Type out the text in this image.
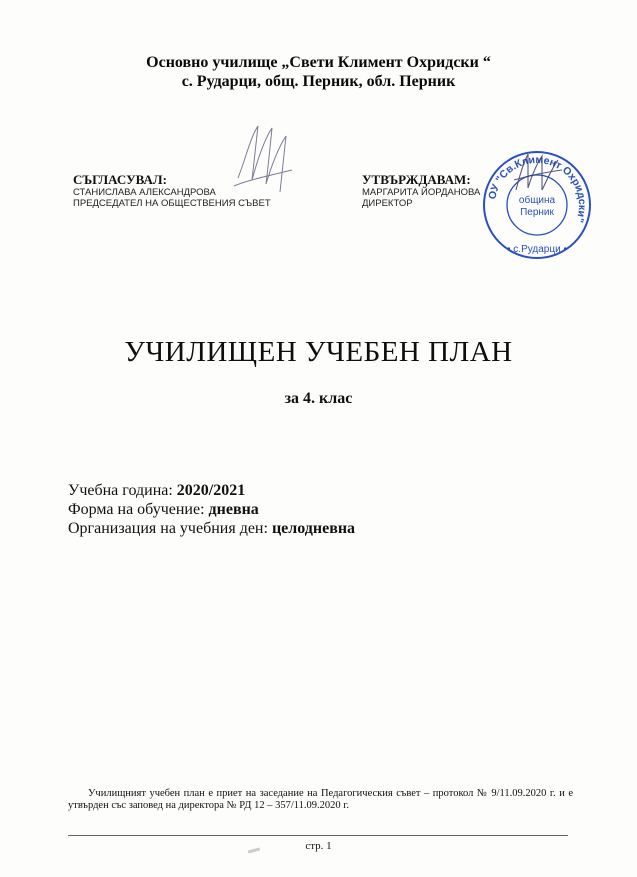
Основно училище „Свети Климент Охридски “
с. Рударци, общ. Перник, обл. Перник
СЪГЛАСУВАЛ:
СТАНИСЛАВА АЛЕКСАНДРОВА
ПРЕДСЕДАТЕЛ НА ОБЩЕСТВЕНИЯ СЪВЕТ
УТВЪРЖДАВАМ:
МАРГАРИТА ЙОРДАНОВА
ДИРЕКТОР
ОУ "Св.Климент Охридски"
община
Перник
• с.Рударци •
УЧИЛИЩЕН УЧЕБЕН ПЛАН
за 4. клас
Учебна година: 2020/2021
Форма на обучение: дневна
Организация на учебния ден: целодневна
Училищният учебен план е приет на заседание на Педагогическия съвет – протокол № 9/11.09.2020 г. и е утвърден със заповед на директора № РД 12 – 357/11.09.2020 г.
стр. 1
